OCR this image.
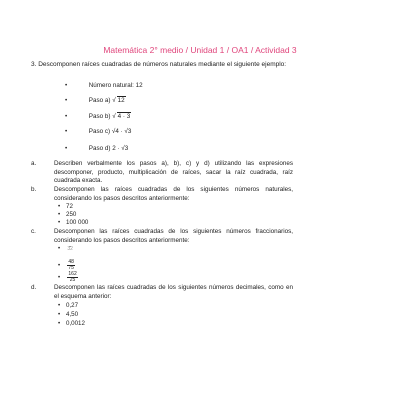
Matemática 2° medio / Unidad 1 / OA1 / Actividad 3
3. Descomponen raíces cuadradas de números naturales mediante el siguiente ejemplo:
•	Número natural: 12
•	Paso a) √ 12
•	Paso b) √ 4 · 3
•	Paso c) √4 · √3
•	Paso d) 2 · √3
a.	Describen verbalmente los pasos a), b), c) y d) utilizando las expresiones descomponer, producto, multiplicación de raíces, sacar la raíz cuadrada, raíz cuadrada exacta.
b.	Descomponen las raíces cuadradas de los siguientes números naturales, considerando los pasos descritos anteriormente:
• 72
• 250
• 100 000
c.	Descomponen las raíces cuadradas de los siguientes números fraccionarios, considerando los pasos descritos anteriormente:
• 32
• $\frac{48}{75}$
• $\frac{162}{25}$
d.	Descomponen las raíces cuadradas de los siguientes números decimales, como en el esquema anterior:
• 0,27
• 4,50
• 0,0012
